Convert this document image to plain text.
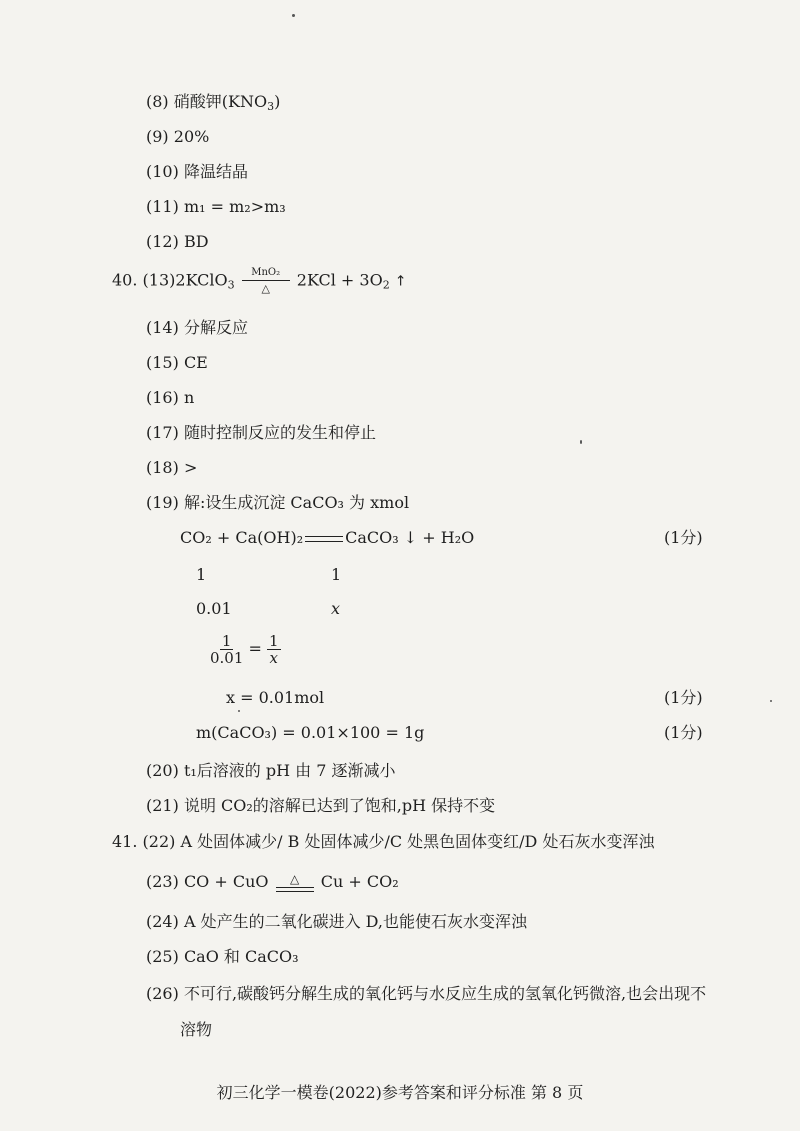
(8) 硝酸钾$(KNO_3)$
(9) 20%
(10) 降温结晶
(11) m₁ = m₂>m₃
(12) BD
40. (13)2KClO$_3$
MnO₂
△ $2KCl + 3O_2$ ↑
(14) 分解反应
(15) CE
(16) n
(17) 随时控制反应的发生和停止
(18) >
(19) 解:设生成沉淀 CaCO₃ 为 xmol
CO₂ + Ca(OH)₂	CaCO₃ ↓ + H₂O	(1分)
1	1
0.01	x
$\frac{1}{0.01} = \frac{1}{x}$
x = 0.01mol	(1分)
m(CaCO₃) = 0.01×100 = 1g	(1分)
(20) t₁后溶液的 pH 由 7 逐渐减小
(21) 说明 CO₂的溶解已达到了饱和,pH 保持不变
41. (22) A 处固体减少/ B 处固体减少/C 处黑色固体变红/D 处石灰水变浑浊
(23) CO + CuO △ Cu + CO₂
(24) A 处产生的二氧化碳进入 D,也能使石灰水变浑浊
(25) CaO 和 CaCO₃
(26) 不可行,碳酸钙分解生成的氧化钙与水反应生成的氢氧化钙微溶,也会出现不
溶物
初三化学一模卷(2022)参考答案和评分标准 第 8 页
